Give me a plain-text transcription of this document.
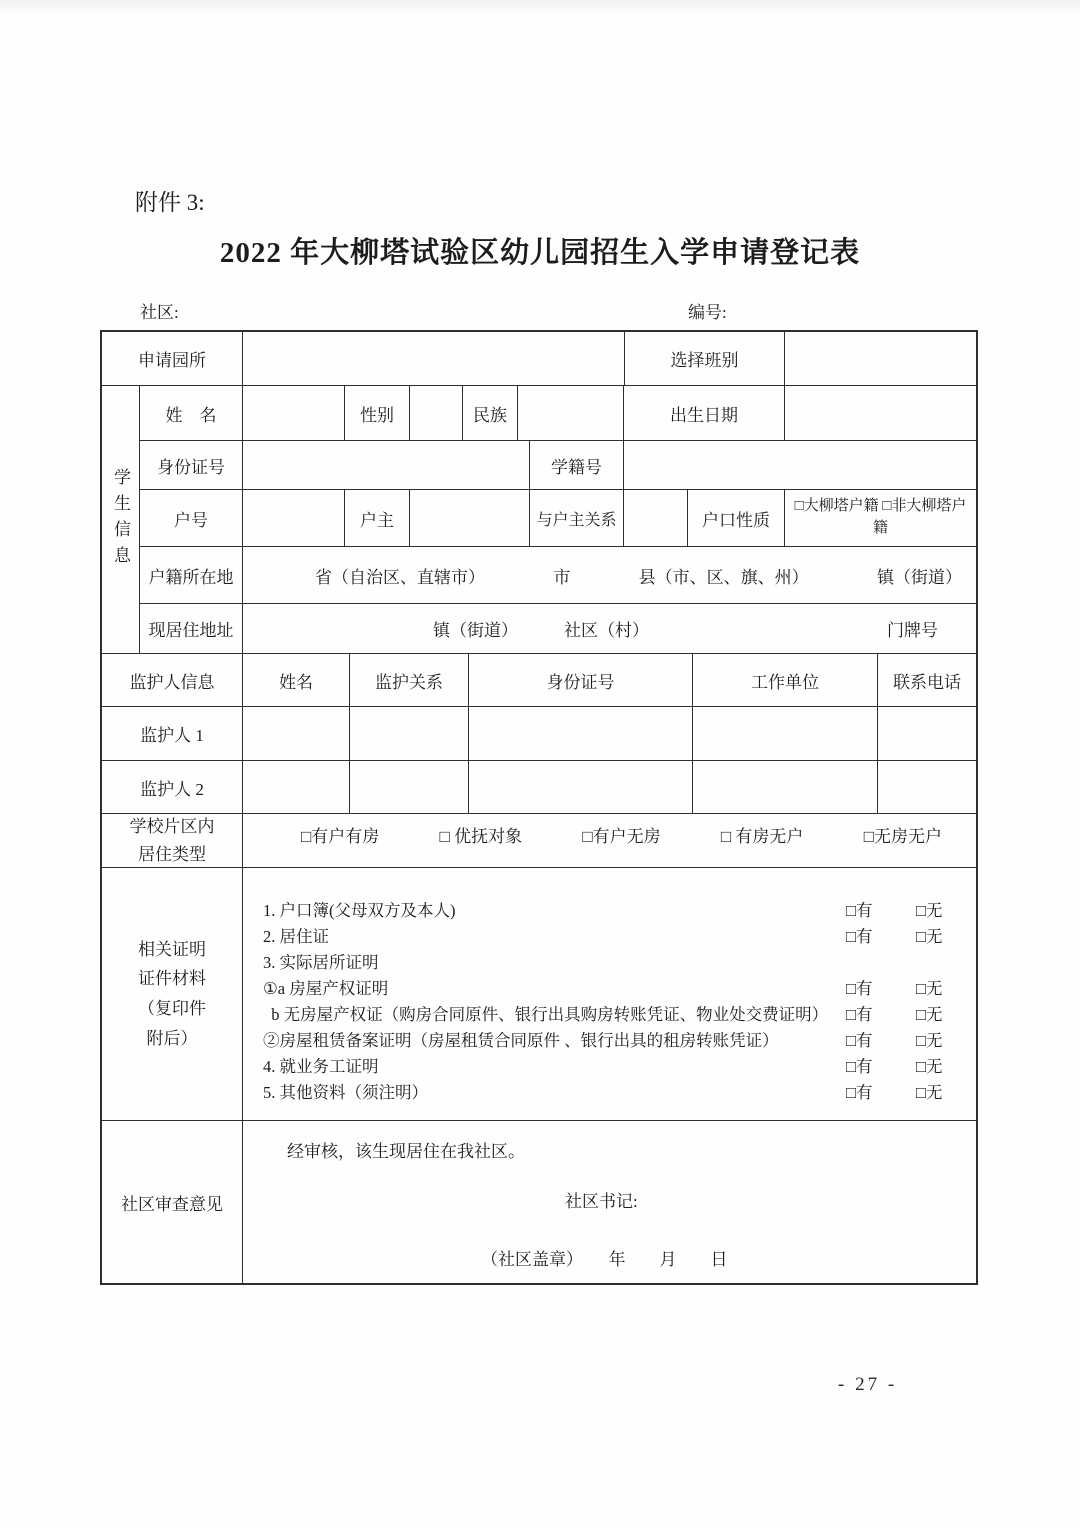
附件 3:
2022 年大柳塔试验区幼儿园招生入学申请登记表
社区:	编号:
申请园所	选择班别
学生信息
姓　名	性别	民族	出生日期
身份证号	学籍号
户号	户主	与户主关系	户口性质
□大柳塔户籍 □非大柳塔户籍
户籍所在地	省（自治区、直辖市）	市	县（市、区、旗、州）	镇（街道）
现居住地址	镇（街道）	社区（村）	门牌号
监护人信息	姓名	监护关系	身份证号	工作单位	联系电话
监护人 1
监护人 2
学校片区内
居住类型
□有户有房	□ 优抚对象	□有户无房	□ 有房无户	□无房无户
相关证明
证件材料
（复印件
附后）
1. 户口簿(父母双方及本人)	□有	□无
2. 居住证	□有	□无
3. 实际居所证明
①a 房屋产权证明	□有	□无
b 无房屋产权证（购房合同原件、银行出具购房转账凭证、物业处交费证明）	□有	□无
②房屋租赁备案证明（房屋租赁合同原件 、银行出具的租房转账凭证）	□有	□无
4. 就业务工证明	□有	□无
5. 其他资料（须注明）	□有	□无
社区审查意见
经审核，该生现居住在我社区。
社区书记:
（社区盖章）　　年　　月　　日
- 27 -
